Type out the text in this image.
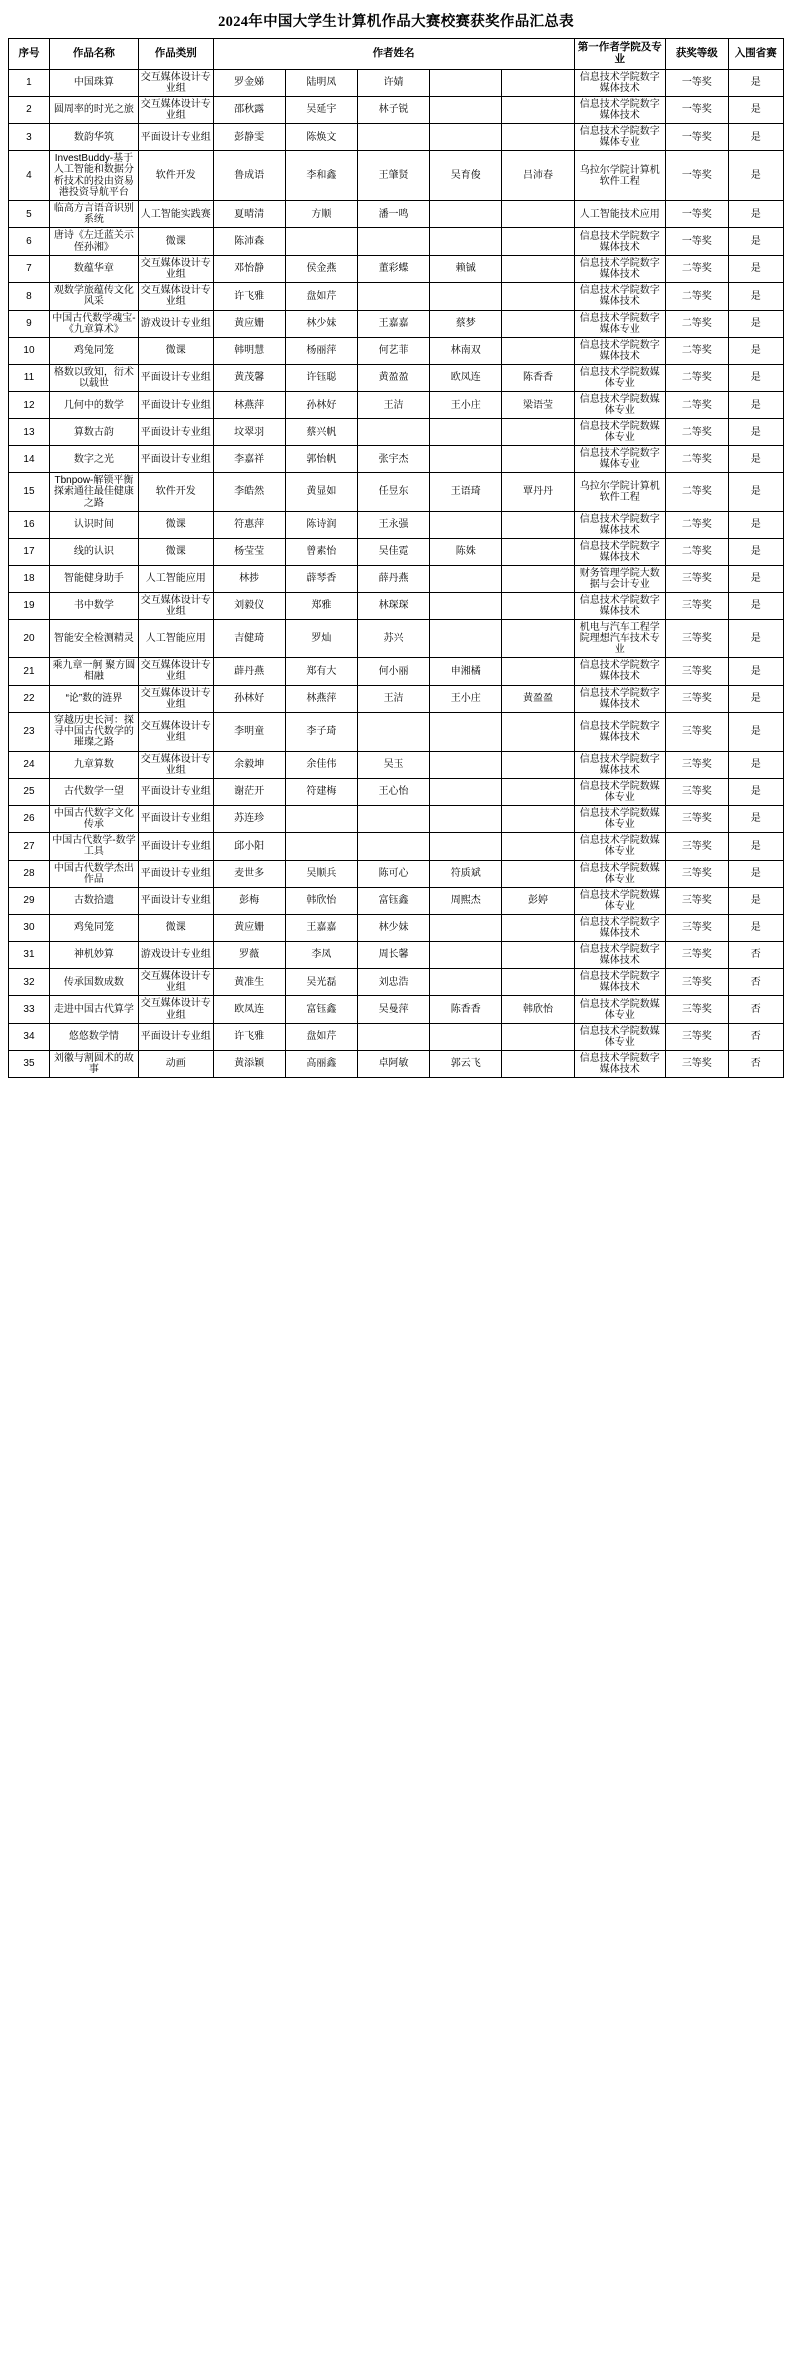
2024年中国大学生计算机作品大赛校赛获奖作品汇总表
序号	作品名称	作品类别	作者姓名					第一作者学院及专业	获奖等级	入围省赛
1	中国珠算	交互媒体设计专业组	罗金娣	陆明凤	许婧			信息技术学院数字媒体技术	一等奖	是
2	圆周率的时光之旅	交互媒体设计专业组	邵秋露	吴延宇	林子锐			信息技术学院数字媒体技术	一等奖	是
3	数韵华筑	平面设计专业组	彭静雯	陈焕文				信息技术学院数字媒体专业	一等奖	是
4	InvestBuddy-基于人工智能和数据分析技术的投由资易港投资导航平台	软件开发	鲁成语	李和鑫	王肇贤	吴育俊	吕沛春	乌拉尔学院计算机软件工程	一等奖	是
5	临高方言语音识别系统	人工智能实践赛	夏晴清	方顺	潘一鸣			人工智能技术应用	一等奖	是
6	唐诗《左迁蓝关示侄孙湘》	微课	陈沛森					信息技术学院数字媒体技术	一等奖	是
7	数蕴华章	交互媒体设计专业组	邓怡静	侯金燕	董彩蝶	赖铖		信息技术学院数字媒体技术	二等奖	是
8	观数学旅蕴传文化风采	交互媒体设计专业组	许飞雅	盘如芹				信息技术学院数字媒体技术	二等奖	是
9	中国古代数学魂宝-《九章算术》	游戏设计专业组	黄应姗	林少妹	王嘉嘉	蔡梦		信息技术学院数字媒体专业	二等奖	是
10	鸡兔同笼	微课	韩明慧	杨丽萍	何艺菲	林南双		信息技术学院数字媒体技术	二等奖	是
11	格数以致知，衍术以载世	平面设计专业组	黄茂馨	许钰聪	黄盈盈	欧凤连	陈香香	信息技术学院数媒体专业	二等奖	是
12	几何中的数学	平面设计专业组	林燕萍	孙林好	王洁	王小庄	梁语莹	信息技术学院数媒体专业	二等奖	是
13	算数古韵	平面设计专业组	坟翠羽	蔡兴帆				信息技术学院数媒体专业	二等奖	是
14	数字之光	平面设计专业组	李嘉祥	郭怡帆	张宇杰			信息技术学院数字媒体专业	二等奖	是
15	Tbnpow-解锁平衡探索通往最佳健康之路	软件开发	李皓然	黄显如	任昱东	王语琦	覃丹丹	乌拉尔学院计算机软件工程	二等奖	是
16	认识时间	微课	符惠萍	陈诗润	王永强			信息技术学院数字媒体技术	二等奖	是
17	线的认识	微课	杨莹莹	曾素怡	吴佳霓	陈姝		信息技术学院数字媒体技术	二等奖	是
18	智能健身助手	人工智能应用	林捗	薜琴香	薛丹燕			财务管理学院大数据与会计专业	三等奖	是
19	书中数学	交互媒体设计专业组	刘毅仪	郑雅	林琛琛			信息技术学院数字媒体技术	三等奖	是
20	智能安全检测精灵	人工智能应用	吉健琦	罗灿	苏兴			机电与汽车工程学院理想汽车技术专业	三等奖	是
21	乘九章一舸 聚方圆相融	交互媒体设计专业组	薜丹燕	郑有大	何小丽	申湘橘		信息技术学院数字媒体技术	三等奖	是
22	“论”数的涟界	交互媒体设计专业组	孙林好	林燕萍	王洁	王小庄	黄盈盈	信息技术学院数字媒体技术	三等奖	是
23	穿越历史长河：探寻中国古代数学的璀璨之路	交互媒体设计专业组	李明童	李子琦				信息技术学院数字媒体技术	三等奖	是
24	九章算数	交互媒体设计专业组	余毅坤	余佳伟	吴玉			信息技术学院数字媒体技术	三等奖	是
25	古代数学一望	平面设计专业组	谢茫开	符建梅	王心怡			信息技术学院数媒体专业	三等奖	是
26	中国古代数字文化传承	平面设计专业组	苏连珍					信息技术学院数媒体专业	三等奖	是
27	中国古代数学-数学工具	平面设计专业组	邱小阳					信息技术学院数媒体专业	三等奖	是
28	中国古代数学杰出作品	平面设计专业组	麦世多	吴顺兵	陈可心	符质斌		信息技术学院数媒体专业	三等奖	是
29	古数拾遗	平面设计专业组	彭梅	韩欣怡	富钰鑫	周熙杰	彭婷	信息技术学院数媒体专业	三等奖	是
30	鸡兔同笼	微课	黄应姗	王嘉嘉	林少妹			信息技术学院数字媒体技术	三等奖	是
31	神机妙算	游戏设计专业组	罗薇	李凤	周长馨			信息技术学院数字媒体技术	三等奖	否
32	传承国数成数	交互媒体设计专业组	黄准生	吴光磊	刘忠浩			信息技术学院数字媒体技术	三等奖	否
33	走进中国古代算学	交互媒体设计专业组	欧凤连	富钰鑫	吴曼萍	陈香香	韩欣怡	信息技术学院数媒体专业	三等奖	否
34	悠悠数学情	平面设计专业组	许飞雅	盘如芹				信息技术学院数媒体专业	三等奖	否
35	刘徽与割圆术的故事	动画	黄添颖	高丽鑫	卓阿敏	郭云飞		信息技术学院数字媒体技术	三等奖	否
